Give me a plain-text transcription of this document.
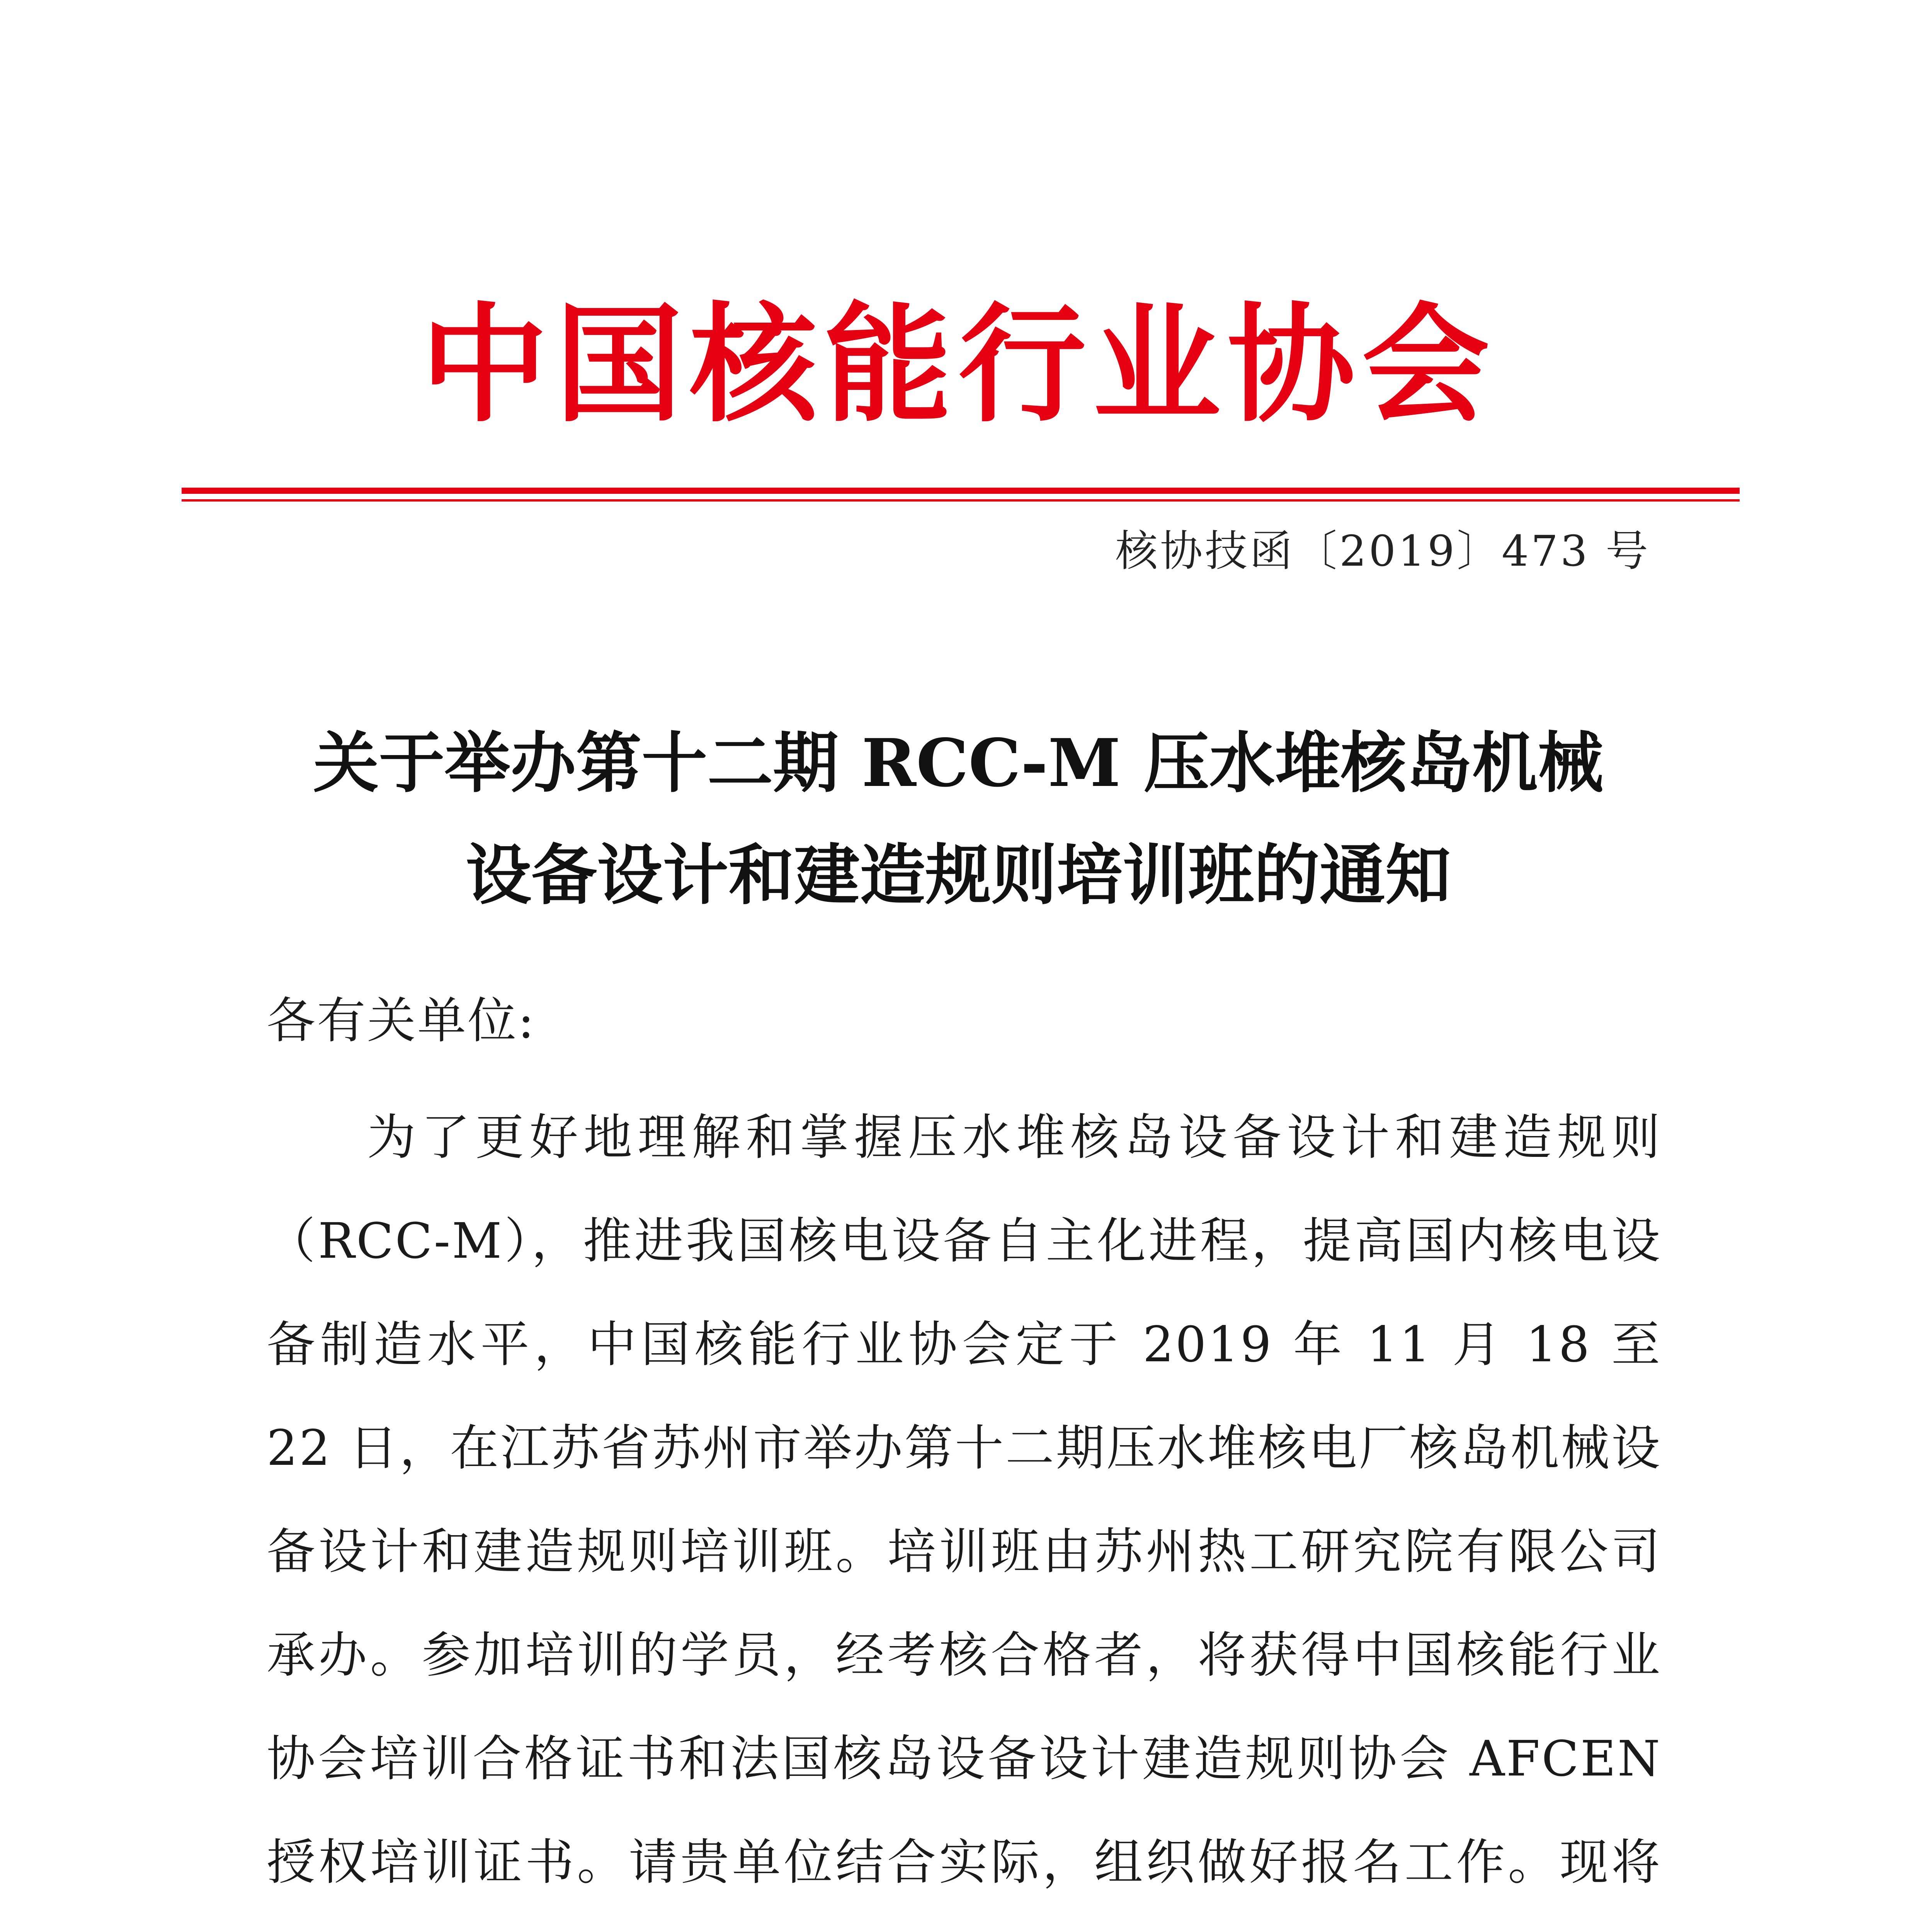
中国核能行业协会
核协技函〔2019〕473 号
关于举办第十二期 RCC-M 压水堆核岛机械
设备设计和建造规则培训班的通知
各有关单位:

为了更好地理解和掌握压水堆核岛设备设计和建造规则（RCC-M），推进我国核电设备自主化进程，提高国内核电设备制造水平，中国核能行业协会定于 2019 年 11 月 18 至 22 日，在江苏省苏州市举办第十二期压水堆核电厂核岛机械设备设计和建造规则培训班。培训班由苏州热工研究院有限公司承办。参加培训的学员，经考核合格者，将获得中国核能行业协会培训合格证书和法国核岛设备设计建造规则协会 AFCEN 授权培训证书。请贵单位结合实际，组织做好报名工作。现将
